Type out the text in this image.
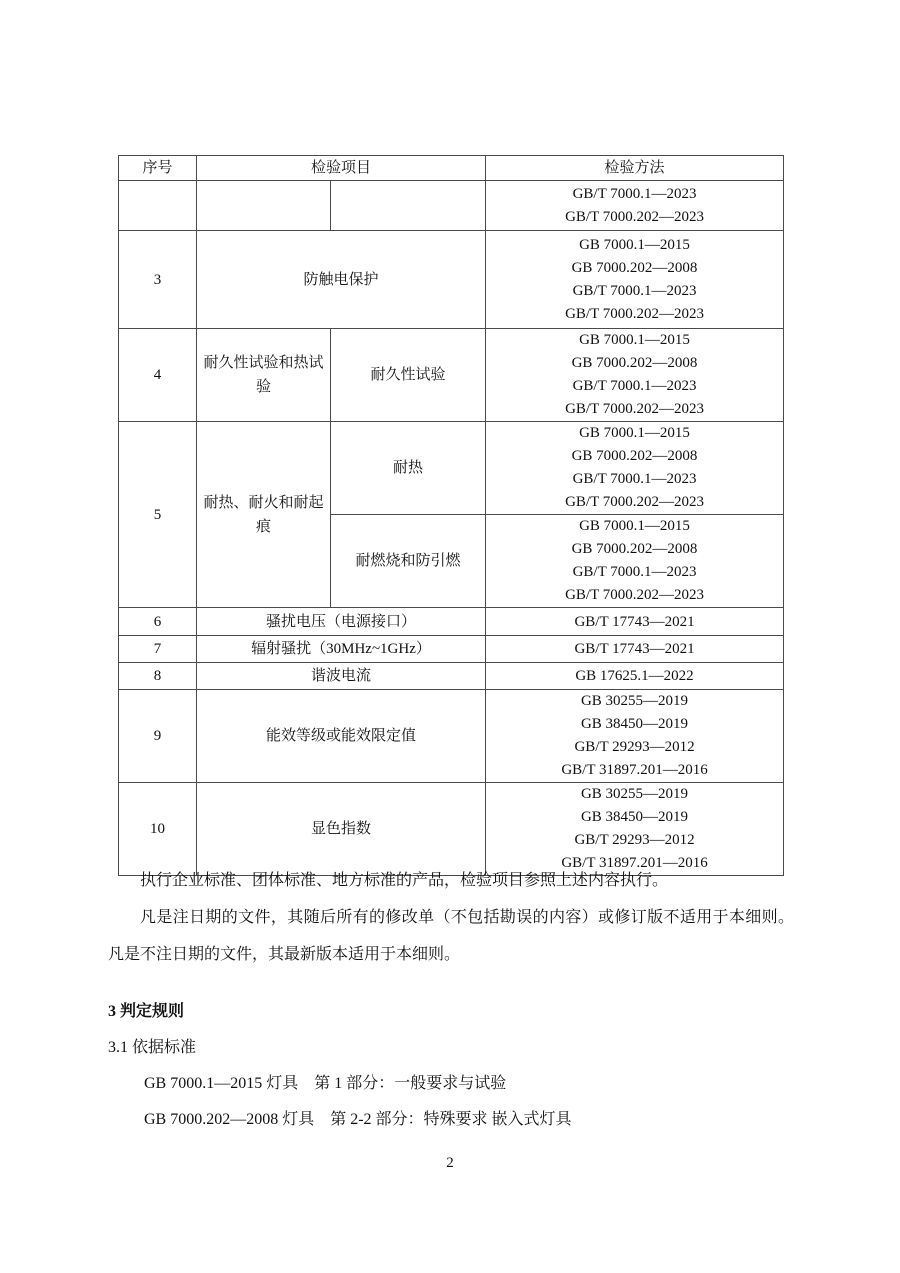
序号	检验项目		检验方法

			GB/T 7000.1—2023
GB/T 7000.202—2023

3	防触电保护		GB 7000.1—2015
GB 7000.202—2008
GB/T 7000.1—2023
GB/T 7000.202—2023

4	耐久性试验和热试验	耐久性试验	GB 7000.1—2015
GB 7000.202—2008
GB/T 7000.1—2023
GB/T 7000.202—2023

5	耐热、耐火和耐起痕	耐热	GB 7000.1—2015
GB 7000.202—2008
GB/T 7000.1—2023
GB/T 7000.202—2023

		耐燃烧和防引燃	GB 7000.1—2015
GB 7000.202—2008
GB/T 7000.1—2023
GB/T 7000.202—2023

6	骚扰电压（电源接口）		GB/T 17743—2021
7	辐射骚扰（30MHz~1GHz）		GB/T 17743—2021
8	谐波电流		GB 17625.1—2022
9	能效等级或能效限定值		GB 30255—2019
GB 38450—2019
GB/T 29293—2012
GB/T 31897.201—2016

10	显色指数		GB 30255—2019
GB 38450—2019
GB/T 29293—2012
GB/T 31897.201—2016

执行企业标准、团体标准、地方标准的产品，检验项目参照上述内容执行。

凡是注日期的文件，其随后所有的修改单（不包括勘误的内容）或修订版不适用于本细则。凡是不注日期的文件，其最新版本适用于本细则。

3 判定规则
3.1 依据标准
GB 7000.1—2015 灯具　第 1 部分：一般要求与试验
GB 7000.202—2008 灯具　第 2-2 部分：特殊要求 嵌入式灯具
2
